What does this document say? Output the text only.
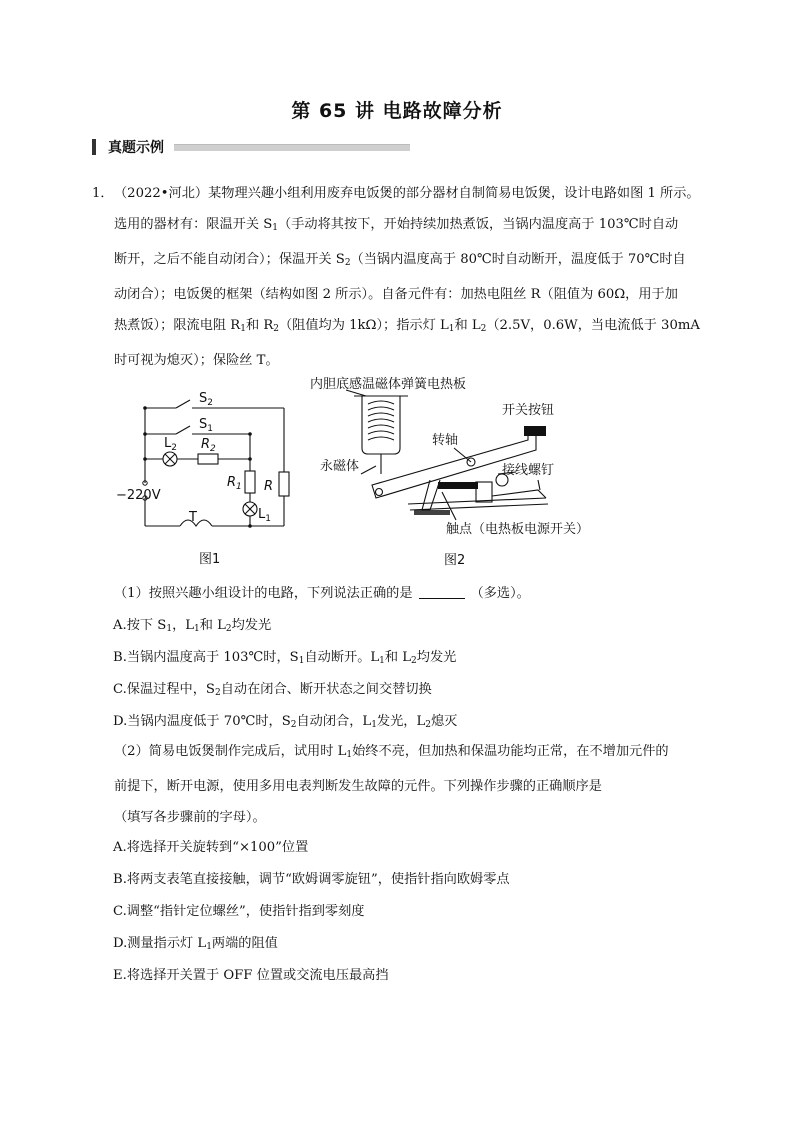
第 65 讲 电路故障分析
真题示例
1．（2022•河北）某物理兴趣小组利用废弃电饭煲的部分器材自制简易电饭煲，设计电路如图 1 所示。
选用的器材有：限温开关 $S_1$（手动将其按下，开始持续加热煮饭，当锅内温度高于 103℃时自动
断开，之后不能自动闭合）；保温开关 $S_2$（当锅内温度高于 80℃时自动断开，温度低于 70℃时自
动闭合）；电饭煲的框架（结构如图 2 所示）。自备元件有：加热电阻丝 R（阻值为 60Ω，用于加
热煮饭）；限流电阻 $R_1$和 $R_2$（阻值均为 1kΩ）；指示灯 $L_1$和 $L_2(2.5V$，0.6W，当电流低于 30mA
时可视为熄灭）；保险丝 T。
$S_2$
$S_1$
$L_2$ $R_2$
$R_1$ R
$L_1$
−220V
T
图1
内胆底感温磁体弹簧电热板
开关按钮
转轴
永磁体	接线螺钉
触点（电热板电源开关）
图2
（1）按照兴趣小组设计的电路，下列说法正确的是	（多选）。
A.按下 $S_1$，$L_1$和 $L_2$均发光
B.当锅内温度高于 103℃时，$S_1$自动断开。$L_1$和 $L_2$均发光
C.保温过程中，$S_2$自动在闭合、断开状态之间交替切换
D.当锅内温度低于 70℃时，$S_2$自动闭合，$L_1$发光，$L_2$熄灭
（2）简易电饭煲制作完成后，试用时 $L_1$始终不亮，但加热和保温功能均正常，在不增加元件的
前提下，断开电源，使用多用电表判断发生故障的元件。下列操作步骤的正确顺序是
（填写各步骤前的字母）。
A.将选择开关旋转到“×100”位置
B.将两支表笔直接接触，调节“欧姆调零旋钮”，使指针指向欧姆零点
C.调整“指针定位螺丝”，使指针指到零刻度
D.测量指示灯 $L_1$两端的阻值
E.将选择开关置于 OFF 位置或交流电压最高挡
